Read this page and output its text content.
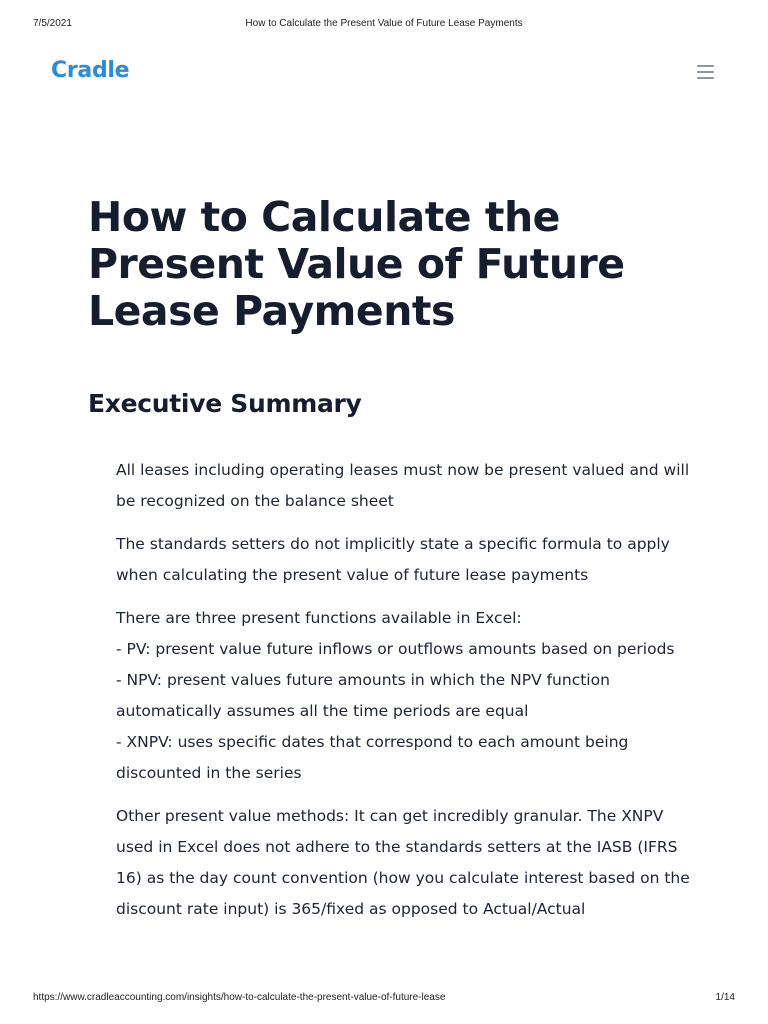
7/5/2021	How to Calculate the Present Value of Future Lease Payments
Cradle
How to Calculate the Present Value of Future Lease Payments
Executive Summary

All leases including operating leases must now be present valued and will be recognized on the balance sheet

The standards setters do not implicitly state a specific formula to apply when calculating the present value of future lease payments

There are three present functions available in Excel:

- PV: present value future inflows or outflows amounts based on periods

- NPV: present values future amounts in which the NPV function automatically assumes all the time periods are equal

- XNPV: uses specific dates that correspond to each amount being discounted in the series

Other present value methods: It can get incredibly granular. The XNPV used in Excel does not adhere to the standards setters at the IASB (IFRS 16) as the day count convention (how you calculate interest based on the discount rate input) is 365/fixed as opposed to Actual/Actual

https://www.cradleaccounting.com/insights/how-to-calculate-the-present-value-of-future-lease	1/14
